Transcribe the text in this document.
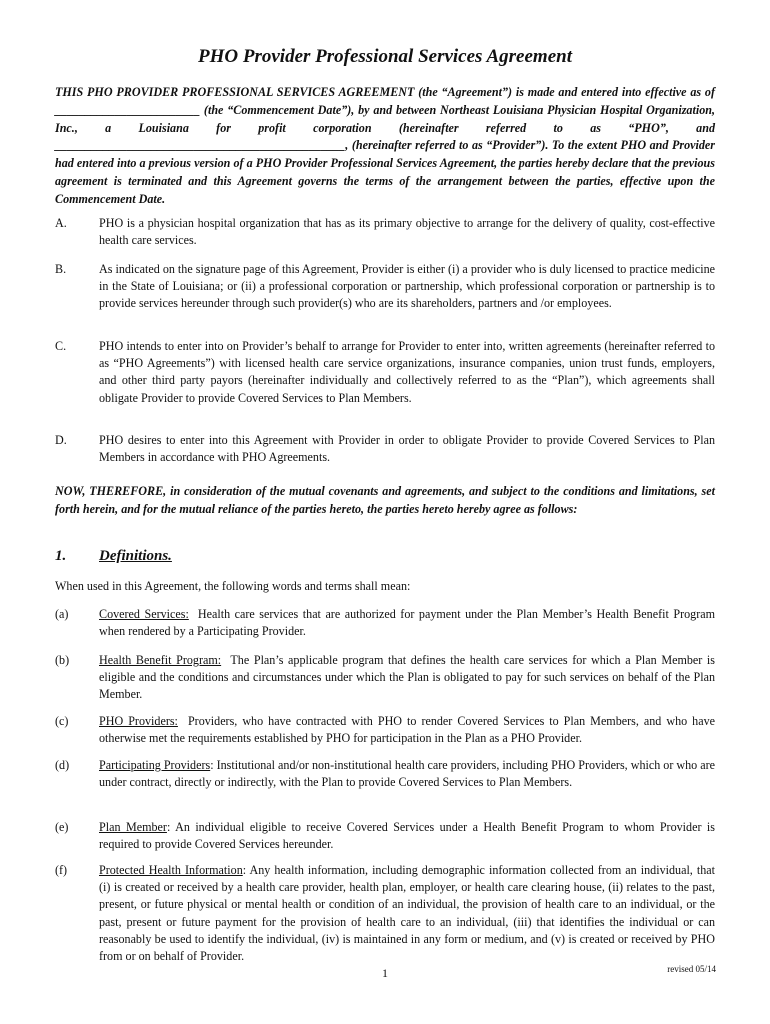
PHO Provider Professional Services Agreement

THIS PHO PROVIDER PROFESSIONAL SERVICES AGREEMENT (the “Agreement”) is made and entered into effective as of ________________________ (the “Commencement Date”), by and between Northeast Louisiana Physician Hospital Organization, Inc., a Louisiana for profit corporation (hereinafter referred to as “PHO”, and ________________________________________________, (hereinafter referred to as “Provider”). To the extent PHO and Provider had entered into a previous version of a PHO Provider Professional Services Agreement, the parties hereby declare that the previous agreement is terminated and this Agreement governs the terms of the arrangement between the parties, effective upon the Commencement Date.

A.	PHO is a physician hospital organization that has as its primary objective to arrange for the delivery of quality, cost-effective health care services.
B.	As indicated on the signature page of this Agreement, Provider is either (i) a provider who is duly licensed to practice medicine in the State of Louisiana; or (ii) a professional corporation or partnership, which professional corporation or partnership is to provide services hereunder through such provider(s) who are its shareholders, partners and /or employees.
C.	PHO intends to enter into on Provider’s behalf to arrange for Provider to enter into, written agreements (hereinafter referred to as “PHO Agreements”) with licensed health care service organizations, insurance companies, union trust funds, employers, and other third party payors (hereinafter individually and collectively referred to as the “Plan”), which agreements shall obligate Provider to provide Covered Services to Plan Members.
D.	PHO desires to enter into this Agreement with Provider in order to obligate Provider to provide Covered Services to Plan Members in accordance with PHO Agreements.

NOW, THEREFORE, in consideration of the mutual covenants and agreements, and subject to the conditions and limitations, set forth herein, and for the mutual reliance of the parties hereto, the parties hereto hereby agree as follows:

1. Definitions.
When used in this Agreement, the following words and terms shall mean:
(a)	Covered Services: Health care services that are authorized for payment under the Plan Member’s Health Benefit Program when rendered by a Participating Provider.
(b) Health Benefit Program: The Plan’s applicable program that defines the health care services for which a Plan Member is eligible and the conditions and circumstances under which the Plan is obligated to pay for such services on behalf of the Plan Member.
(c)	PHO Providers: Providers, who have contracted with PHO to render Covered Services to Plan Members, and who have otherwise met the requirements established by PHO for participation in the Plan as a PHO Provider.
(d) Participating Providers: Institutional and/or non-institutional health care providers, including PHO Providers, which or who are under contract, directly or indirectly, with the Plan to provide Covered Services to Plan Members.
(e)	Plan Member: An individual eligible to receive Covered Services under a Health Benefit Program to whom Provider is required to provide Covered Services hereunder.
(f)	Protected Health Information: Any health information, including demographic information collected from an individual, that (i) is created or received by a health care provider, health plan, employer, or health care clearing house, (ii) relates to the past, present, or future physical or mental health or condition of an individual, the provision of health care to an individual, or the past, present or future payment for the provision of health care to an individual, (iii) that identifies the individual or can reasonably be used to identify the individual, (iv) is maintained in any form or medium, and (v) is created or received by PHO from or on behalf of Provider.
1	revised 05/14
